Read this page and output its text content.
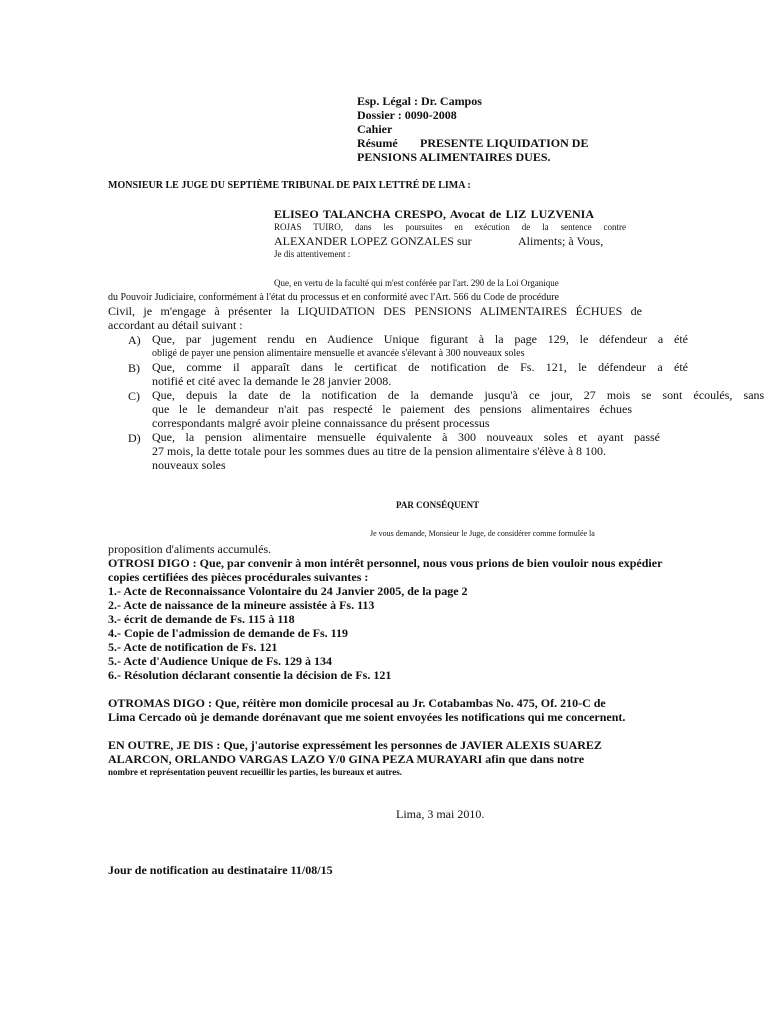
Esp. Légal : Dr. Campos

Dossier : 0090-2008

Cahier

Résumé PRESENTE LIQUIDATION DE

PENSIONS ALIMENTAIRES DUES.

MONSIEUR LE JUGE DU SEPTIÈME TRIBUNAL DE PAIX LETTRÉ DE LIMA :

ELISEO TALANCHA CRESPO, Avocat de LIZ LUZVENIA

ROJAS TUIRO, dans les poursuites en exécution de la sentence contre

ALEXANDER LOPEZ GONZALES sur	Aliments; à Vous,

Je dis attentivement :

Que, en vertu de la faculté qui m'est conférée par l'art. 290 de la Loi Organique

du Pouvoir Judiciaire, conformément à l'état du processus et en conformité avec l'Art. 566 du Code de procédure

Civil, je m'engage à présenter la LIQUIDATION DES PENSIONS ALIMENTAIRES ÉCHUES de

accordant au détail suivant :

A) Que, par jugement rendu en Audience Unique figurant à la page 129, le défendeur a été

obligé de payer une pension alimentaire mensuelle et avancée s'élevant à 300 nouveaux soles

B) Que, comme il apparaît dans le certificat de notification de Fs. 121, le défendeur a été

notifié et cité avec la demande le 28 janvier 2008.

C) Que, depuis la date de la notification de la demande jusqu'à ce jour, 27 mois se sont écoulés, sans

que le le demandeur n'ait pas respecté le paiement des pensions alimentaires échues

correspondants malgré avoir pleine connaissance du présent processus

D) Que, la pension alimentaire mensuelle équivalente à 300 nouveaux soles et ayant passé

27 mois, la dette totale pour les sommes dues au titre de la pension alimentaire s'élève à 8 100.

nouveaux soles

PAR CONSÉQUENT

Je vous demande, Monsieur le Juge, de considérer comme formulée la

proposition d'aliments accumulés.

OTROSI DIGO : Que, par convenir à mon intérêt personnel, nous vous prions de bien vouloir nous expédier

copies certifiées des pièces procédurales suivantes :

1.- Acte de Reconnaissance Volontaire du 24 Janvier 2005, de la page 2

2.- Acte de naissance de la mineure assistée à Fs. 113

3.- écrit de demande de Fs. 115 à 118

4.- Copie de l'admission de demande de Fs. 119

5.- Acte de notification de Fs. 121

5.- Acte d'Audience Unique de Fs. 129 à 134

6.- Résolution déclarant consentie la décision de Fs. 121

OTROMAS DIGO : Que, réitère mon domicile procesal au Jr. Cotabambas No. 475, Of. 210-C de

Lima Cercado où je demande dorénavant que me soient envoyées les notifications qui me concernent.

EN OUTRE, JE DIS : Que, j'autorise expressément les personnes de JAVIER ALEXIS SUAREZ

ALARCON, ORLANDO VARGAS LAZO Y/0 GINA PEZA MURAYARI afin que dans notre

nombre et représentation peuvent recueillir les parties, les bureaux et autres.

Lima, 3 mai 2010.

Jour de notification au destinataire 11/08/15
